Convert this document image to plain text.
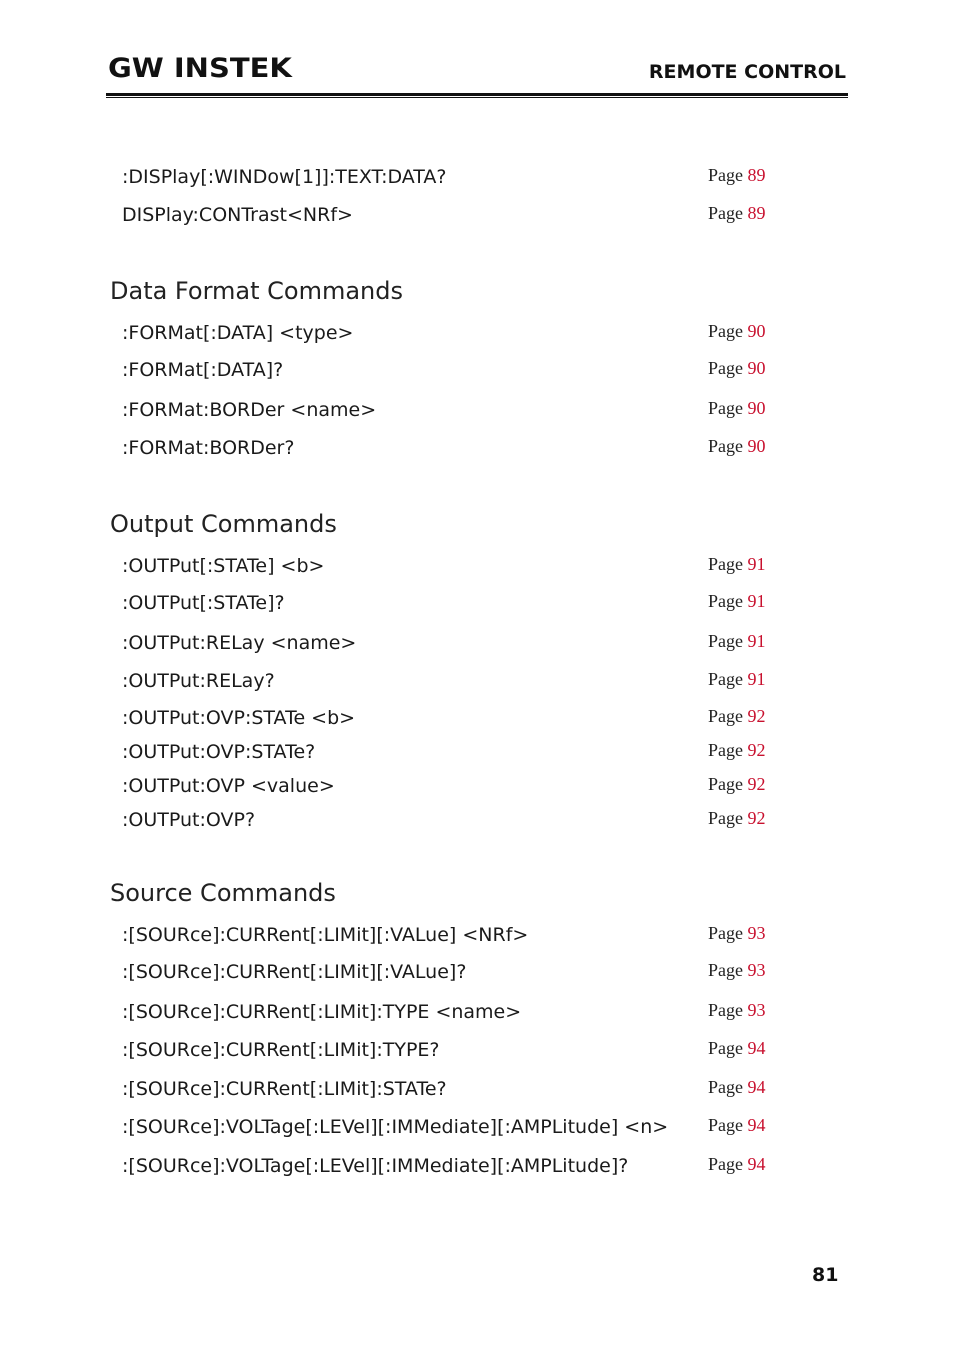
GW INSTEK	REMOTE CONTROL
:DISPlay[:WINDow[1]]:TEXT:DATA?	Page 89
DISPlay:CONTrast<NRf>	Page 89
Data Format Commands
:FORMat[:DATA] <type>	Page 90
:FORMat[:DATA]?	Page 90
:FORMat:BORDer <name>	Page 90
:FORMat:BORDer?	Page 90
Output Commands
:OUTPut[:STATe] <b>	Page 91
:OUTPut[:STATe]?	Page 91
:OUTPut:RELay <name>	Page 91
:OUTPut:RELay?	Page 91
:OUTPut:OVP:STATe <b>	Page 92
:OUTPut:OVP:STATe?	Page 92
:OUTPut:OVP <value>	Page 92
:OUTPut:OVP?	Page 92
Source Commands
:[SOURce]:CURRent[:LIMit][:VALue] <NRf>	Page 93
:[SOURce]:CURRent[:LIMit][:VALue]?	Page 93
:[SOURce]:CURRent[:LIMit]:TYPE <name>	Page 93
:[SOURce]:CURRent[:LIMit]:TYPE?	Page 94
:[SOURce]:CURRent[:LIMit]:STATe?	Page 94
:[SOURce]:VOLTage[:LEVel][:IMMediate][:AMPLitude] <n> Page 94
:[SOURce]:VOLTage[:LEVel][:IMMediate][:AMPLitude]?	Page 94
81
